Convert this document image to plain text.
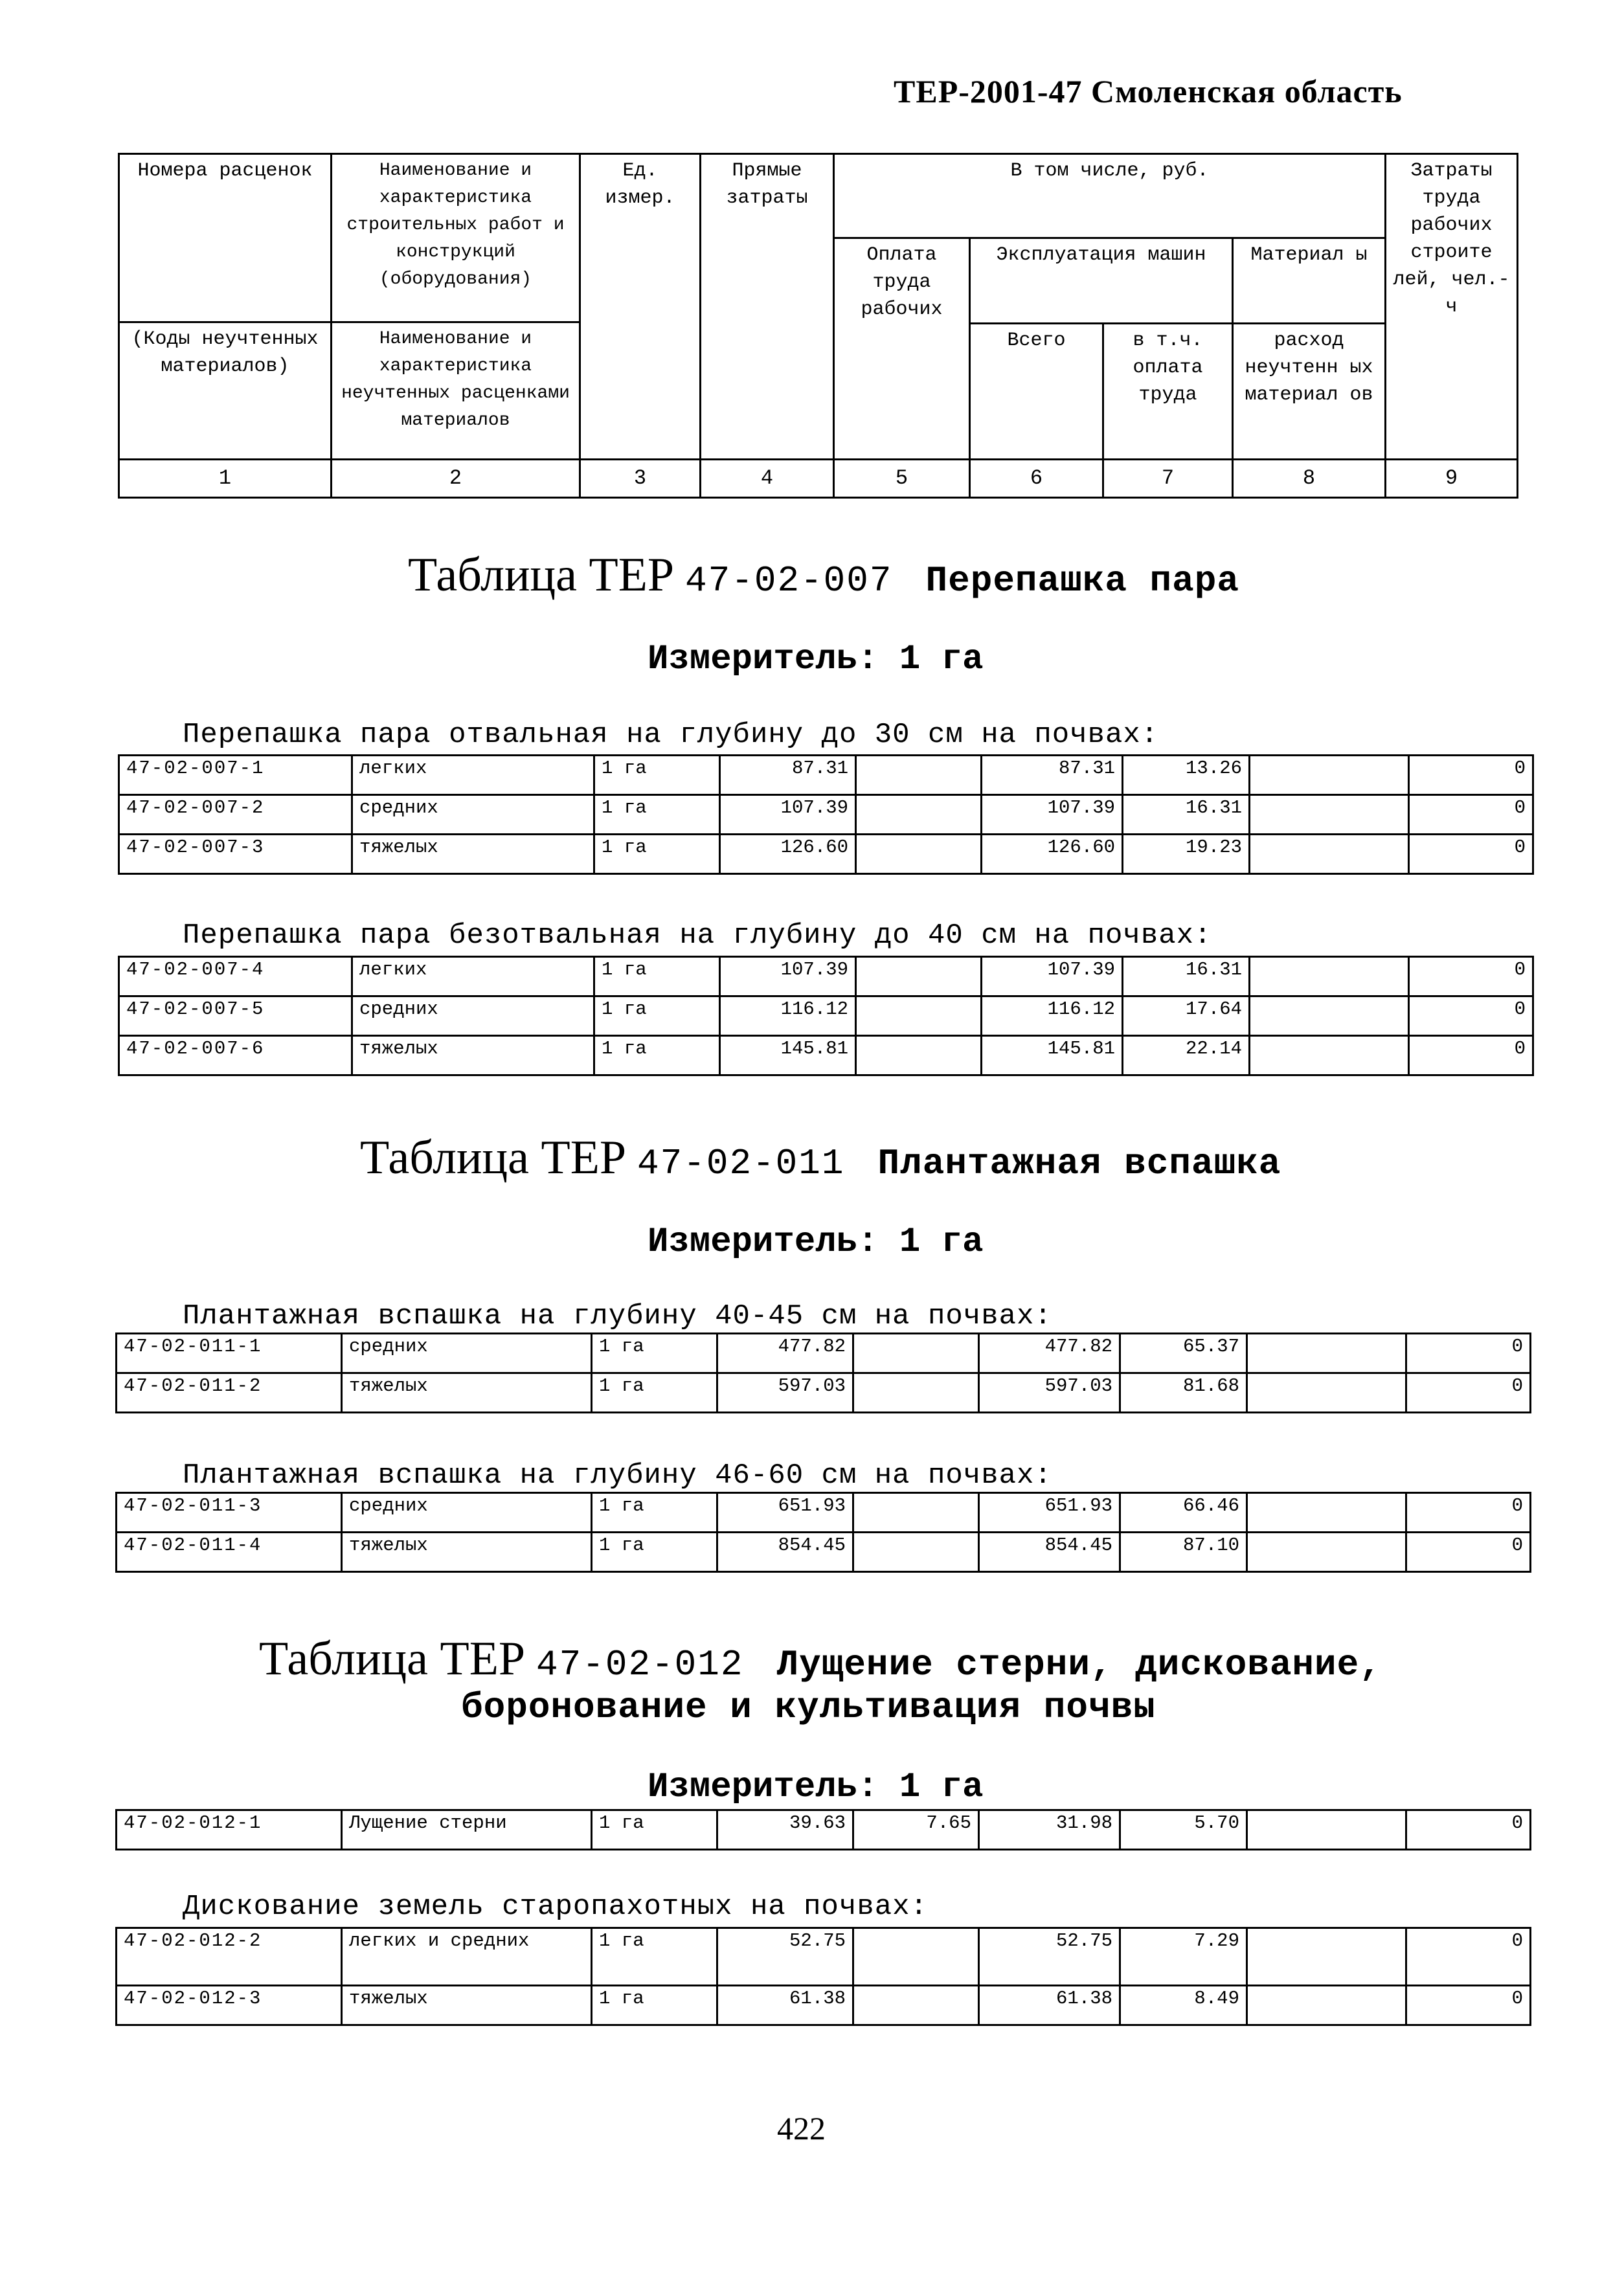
ТЕР-2001-47 Смоленская область
Номера расценок	Наименование и характеристика строительных работ и конструкций (оборудования)	Ед. измер.	Прямые затраты	В том числе, руб.				Затраты труда рабочих строите лей, чел.-ч
				Оплата труда рабочих	Эксплуатация машин		Материал ы	
(Коды неучтенных материалов)	Наименование и характеристика неучтенных расценками материалов							
					Всего	в т.ч. оплата труда	расход неучтенн ых материал ов	
1	2	3	4	5	6	7	8	9
Таблица ТЕР 47-02-007 Перепашка пара
Измеритель: 1 га
Перепашка пара отвальная на глубину до 30 см на почвах:
47-02-007-1	легких	1 га	87.31		87.31	13.26		0
47-02-007-2	средних	1 га	107.39		107.39	16.31		0
47-02-007-3	тяжелых	1 га	126.60		126.60	19.23		0
Перепашка пара безотвальная на глубину до 40 см на почвах:
47-02-007-4	легких	1 га	107.39		107.39	16.31		0
47-02-007-5	средних	1 га	116.12		116.12	17.64		0
47-02-007-6	тяжелых	1 га	145.81		145.81	22.14		0
Таблица ТЕР 47-02-011 Плантажная вспашка
Измеритель: 1 га
Плантажная вспашка на глубину 40-45 см на почвах:
47-02-011-1	средних	1 га	477.82		477.82	65.37		0
47-02-011-2	тяжелых	1 га	597.03		597.03	81.68		0
Плантажная вспашка на глубину 46-60 см на почвах:
47-02-011-3	средних	1 га	651.93		651.93	66.46		0
47-02-011-4	тяжелых	1 га	854.45		854.45	87.10		0
Таблица ТЕР 47-02-012 Лущение стерни, дискование,
боронование и культивация почвы
Измеритель: 1 га
47-02-012-1	Лущение стерни	1 га	39.63	7.65	31.98	5.70		0
Дискование земель старопахотных на почвах:
47-02-012-2	легких и средних	1 га	52.75		52.75	7.29		0
47-02-012-3	тяжелых	1 га	61.38		61.38	8.49		0
422
